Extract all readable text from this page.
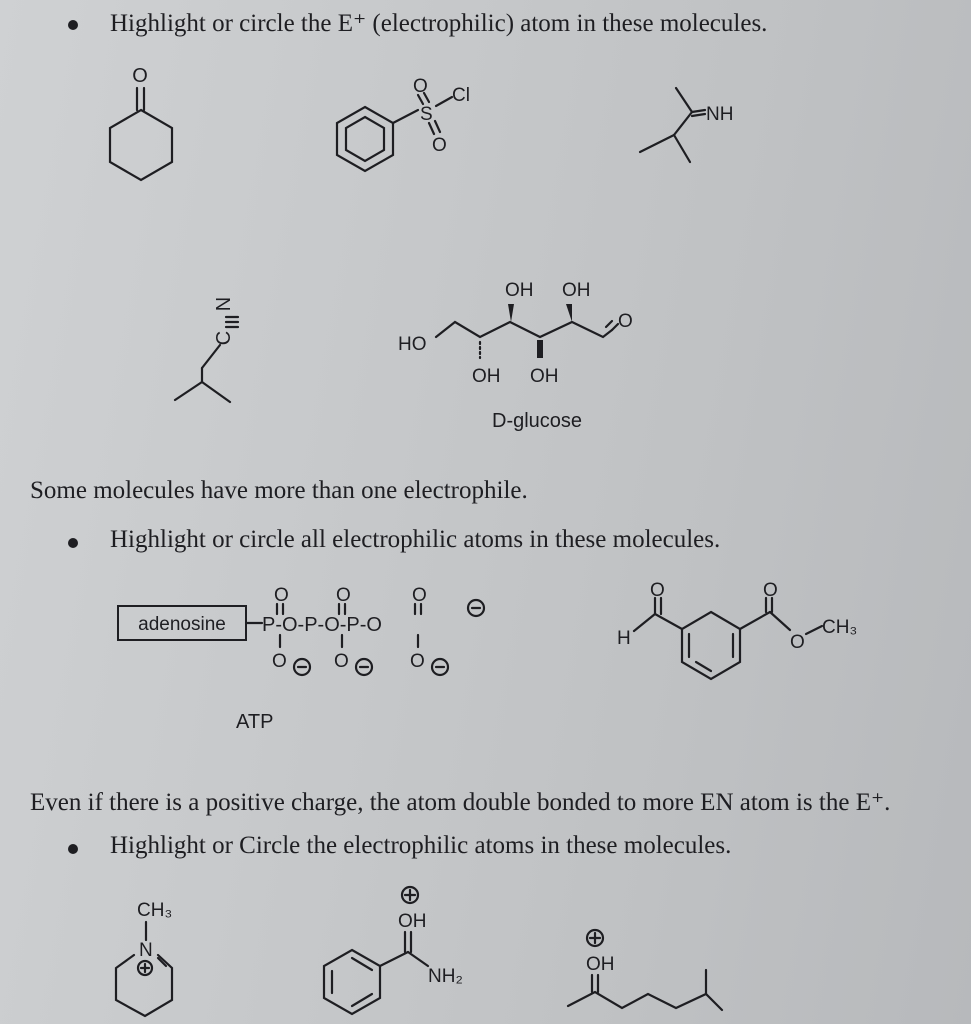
Highlight or circle the E⁺ (electrophilic) atom in these molecules.

Some molecules have more than one electrophile.

Highlight or circle all electrophilic atoms in these molecules.

Even if there is a positive charge, the atom double bonded to more EN atom is the E⁺.

Highlight or Circle the electrophilic atoms in these molecules.

O	O
S
Cl
O
NH
N
C	HO
O
OH OH
OH OH
D-glucose
adenosine P-O-P-O-P-O
O O	O
O O	O
ATP
O
H
O
O
CH₃
CH₃
N
OH
NH₂
OH
